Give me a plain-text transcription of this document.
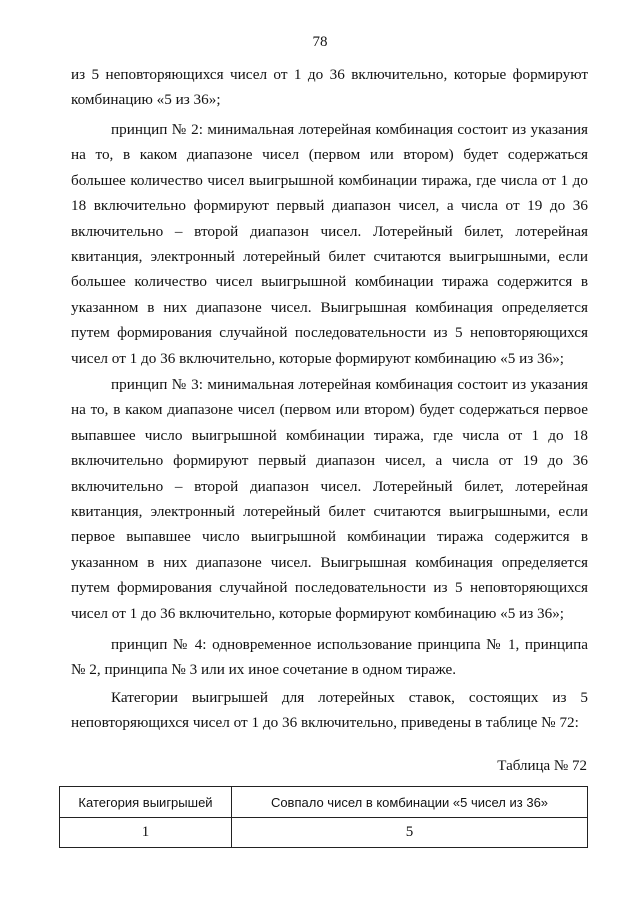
78

из 5 неповторяющихся чисел от 1 до 36 включительно, которые формируют комбинацию «5 из 36»;

принцип № 2: минимальная лотерейная комбинация состоит из указания на то, в каком диапазоне чисел (первом или втором) будет содержаться большее количество чисел выигрышной комбинации тиража, где числа от 1 до 18 включительно формируют первый диапазон чисел, а числа от 19 до 36 включительно – второй диапазон чисел. Лотерейный билет, лотерейная квитанция, электронный лотерейный билет считаются выигрышными, если большее количество чисел выигрышной комбинации тиража содержится в указанном в них диапазоне чисел. Выигрышная комбинация определяется путем формирования случайной последовательности из 5 неповторяющихся чисел от 1 до 36 включительно, которые формируют комбинацию «5 из 36»;

принцип № 3: минимальная лотерейная комбинация состоит из указания на то, в каком диапазоне чисел (первом или втором) будет содержаться первое выпавшее число выигрышной комбинации тиража, где числа от 1 до 18 включительно формируют первый диапазон чисел, а числа от 19 до 36 включительно – второй диапазон чисел. Лотерейный билет, лотерейная квитанция, электронный лотерейный билет считаются выигрышными, если первое выпавшее число выигрышной комбинации тиража содержится в указанном в них диапазоне чисел. Выигрышная комбинация определяется путем формирования случайной последовательности из 5 неповторяющихся чисел от 1 до 36 включительно, которые формируют комбинацию «5 из 36»;

принцип № 4: одновременное использование принципа № 1, принципа № 2, принципа № 3 или их иное сочетание в одном тираже.

Категории выигрышей для лотерейных ставок, состоящих из 5 неповторяющихся чисел от 1 до 36 включительно, приведены в таблице № 72:

Таблица № 72
Категория выигрышей	Совпало чисел в комбинации «5 чисел из 36»
1	5
